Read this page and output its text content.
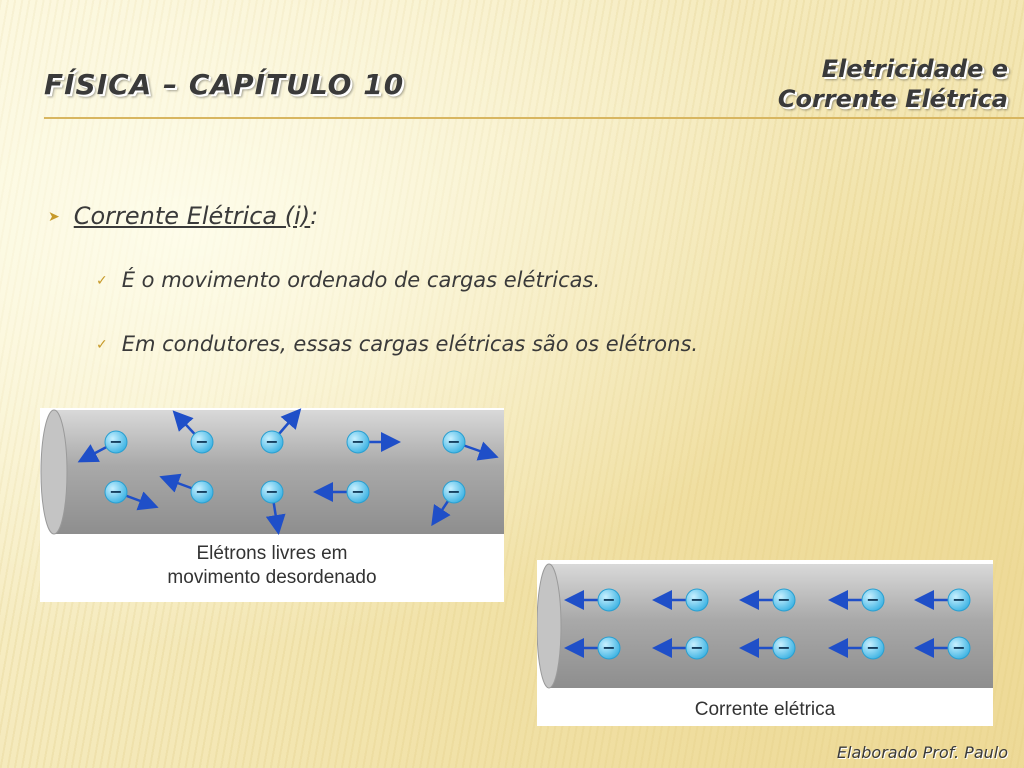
FÍSICA – CAPÍTULO 10	Eletricidade e
Corrente Elétrica
➤ Corrente Elétrica (i):
✓ É o movimento ordenado de cargas elétricas.
✓ Em condutores, essas cargas elétricas são os elétrons.
−	−	−	−	−
−	−	−	−	−
Elétrons livres em
movimento desordenado
−
−
−
−
−
−
−
−
−
−
Corrente elétrica
Elaborado Prof. Paulo
